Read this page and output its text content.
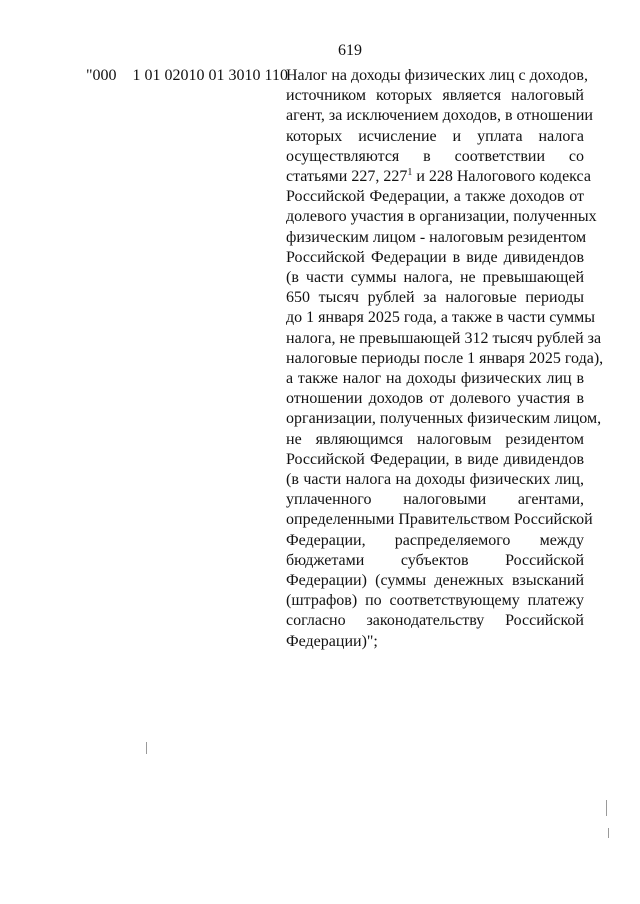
619
"000 1 01 02010 01 3010 110
Налог на доходы физических лиц с доходов,
источником которых является налоговый
агент, за исключением доходов, в отношении
которых исчисление и уплата налога
осуществляются в соответствии со
статьями 227, $227^1$ и 228 Налогового кодекса
Российской Федерации, а также доходов от
долевого участия в организации, полученных
физическим лицом - налоговым резидентом
Российской Федерации в виде дивидендов
(в части суммы налога, не превышающей
650 тысяч рублей за налоговые периоды
до 1 января 2025 года, а также в части суммы
налога, не превышающей 312 тысяч рублей за
налоговые периоды после 1 января 2025 года),
а также налог на доходы физических лиц в
отношении доходов от долевого участия в
организации, полученных физическим лицом,
не являющимся налоговым резидентом
Российской Федерации, в виде дивидендов
(в части налога на доходы физических лиц,
уплаченного налоговыми агентами,
определенными Правительством Российской
Федерации, распределяемого между
бюджетами субъектов Российской
Федерации) (суммы денежных взысканий
(штрафов) по соответствующему платежу
согласно законодательству Российской
Федерации)";
